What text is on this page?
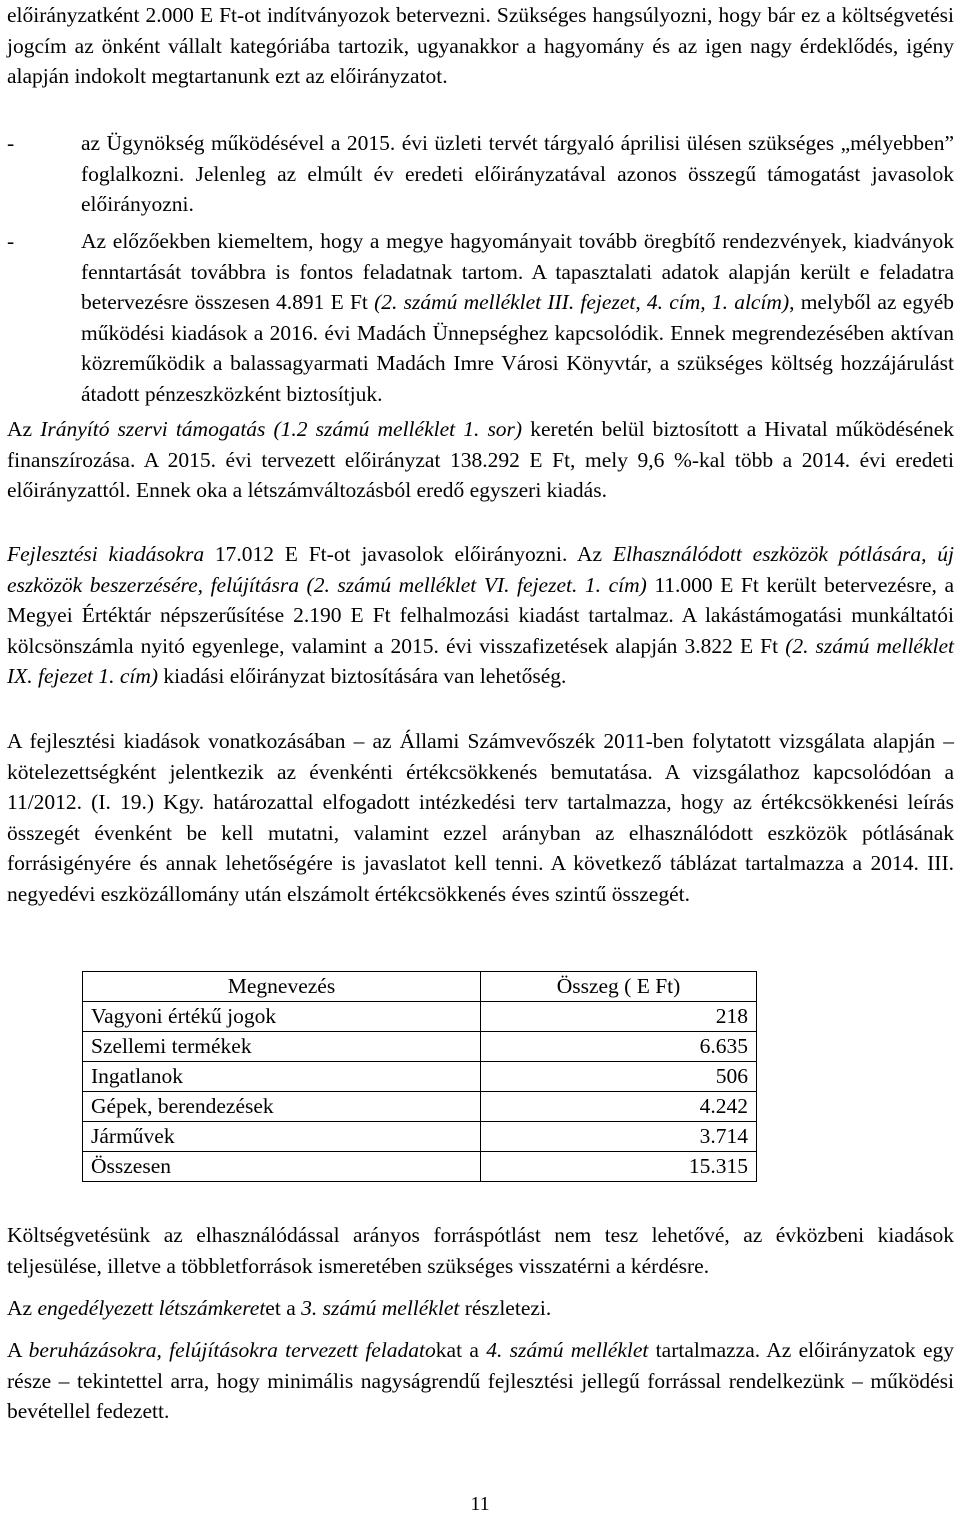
előirányzatként 2.000 E Ft-ot indítványozok betervezni. Szükséges hangsúlyozni, hogy bár ez a költségvetési jogcím az önként vállalt kategóriába tartozik, ugyanakkor a hagyomány és az igen nagy érdeklődés, igény alapján indokolt megtartanunk ezt az előirányzatot.
-	az Ügynökség működésével a 2015. évi üzleti tervét tárgyaló áprilisi ülésen szükséges „mélyebben” foglalkozni. Jelenleg az elmúlt év eredeti előirányzatával azonos összegű támogatást javasolok előirányozni.

-	Az előzőekben kiemeltem, hogy a megye hagyományait tovább öregbítő rendezvények, kiadványok fenntartását továbbra is fontos feladatnak tartom. A tapasztalati adatok alapján került e feladatra betervezésre összesen 4.891 E Ft (2. számú melléklet III. fejezet, 4. cím, 1. alcím), melyből az egyéb működési kiadások a 2016. évi Madách Ünnepséghez kapcsolódik. Ennek megrendezésében aktívan közreműködik a balassagyarmati Madách Imre Városi Könyvtár, a szükséges költség hozzájárulást átadott pénzeszközként biztosítjuk.

Az Irányító szervi támogatás (1.2 számú melléklet 1. sor) keretén belül biztosított a Hivatal működésének finanszírozása. A 2015. évi tervezett előirányzat 138.292 E Ft, mely 9,6 %-kal több a 2014. évi eredeti előirányzattól. Ennek oka a létszámváltozásból eredő egyszeri kiadás.

Fejlesztési kiadásokra 17.012 E Ft-ot javasolok előirányozni. Az Elhasználódott eszközök pótlására, új eszközök beszerzésére, felújításra (2. számú melléklet VI. fejezet. 1. cím) 11.000 E Ft került betervezésre, a Megyei Értéktár népszerűsítése 2.190 E Ft felhalmozási kiadást tartalmaz. A lakástámogatási munkáltatói kölcsönszámla nyitó egyenlege, valamint a 2015. évi visszafizetések alapján 3.822 E Ft (2. számú melléklet IX. fejezet 1. cím) kiadási előirányzat biztosítására van lehetőség.

A fejlesztési kiadások vonatkozásában – az Állami Számvevőszék 2011-ben folytatott vizsgálata alapján – kötelezettségként jelentkezik az évenkénti értékcsökkenés bemutatása. A vizsgálathoz kapcsolódóan a 11/2012. (I. 19.) Kgy. határozattal elfogadott intézkedési terv tartalmazza, hogy az értékcsökkenési leírás összegét évenként be kell mutatni, valamint ezzel arányban az elhasználódott eszközök pótlásának forrásigényére és annak lehetőségére is javaslatot kell tenni. A következő táblázat tartalmazza a 2014. III. negyedévi eszközállomány után elszámolt értékcsökkenés éves szintű összegét.

Megnevezés	Összeg ( E Ft)
Vagyoni értékű jogok	218
Szellemi termékek	6.635
Ingatlanok	506
Gépek, berendezések	4.242
Járművek	3.714
Összesen	15.315

Költségvetésünk az elhasználódással arányos forráspótlást nem tesz lehetővé, az évközbeni kiadások teljesülése, illetve a többletforrások ismeretében szükséges visszatérni a kérdésre.

Az engedélyezett létszámkeretet a 3. számú melléklet részletezi.

A beruházásokra, felújításokra tervezett feladatokat a 4. számú melléklet tartalmazza. Az előirányzatok egy része – tekintettel arra, hogy minimális nagyságrendű fejlesztési jellegű forrással rendelkezünk – működési bevétellel fedezett.

11
